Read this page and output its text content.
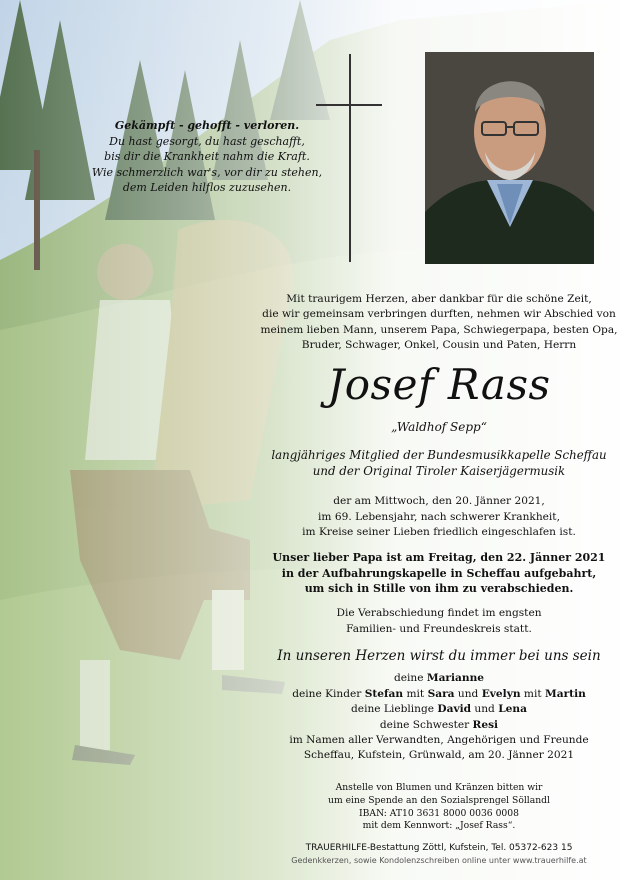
Gekämpft - gehofft - verloren.
Du hast gesorgt, du hast geschafft,
bis dir die Krankheit nahm die Kraft.
Wie schmerzlich war's, vor dir zu stehen,
dem Leiden hilflos zuzusehen.
Mit traurigem Herzen, aber dankbar für die schöne Zeit,
die wir gemeinsam verbringen durften, nehmen wir Abschied von
meinem lieben Mann, unserem Papa, Schwiegerpapa, besten Opa,
Bruder, Schwager, Onkel, Cousin und Paten, Herrn
Josef Rass
„Waldhof Sepp“
langjähriges Mitglied der Bundesmusikkapelle Scheffau
und der Original Tiroler Kaiserjägermusik
der am Mittwoch, den 20. Jänner 2021,
im 69. Lebensjahr, nach schwerer Krankheit,
im Kreise seiner Lieben friedlich eingeschlafen ist.
Unser lieber Papa ist am Freitag, den 22. Jänner 2021
in der Aufbahrungskapelle in Scheffau aufgebahrt,
um sich in Stille von ihm zu verabschieden.
Die Verabschiedung findet im engsten
Familien- und Freundeskreis statt.
In unseren Herzen wirst du immer bei uns sein
deine Marianne
deine Kinder Stefan mit Sara und Evelyn mit Martin
deine Lieblinge David und Lena
deine Schwester Resi
im Namen aller Verwandten, Angehörigen und Freunde
Scheffau, Kufstein, Grünwald, am 20. Jänner 2021
Anstelle von Blumen und Kränzen bitten wir
um eine Spende an den Sozialsprengel Söllandl
IBAN: AT10 3631 8000 0036 0008
mit dem Kennwort: „Josef Rass“.
TRAUERHILFE-Bestattung Zöttl, Kufstein, Tel. 05372-623 15
Gedenkkerzen, sowie Kondolenzschreiben online unter www.trauerhilfe.at
